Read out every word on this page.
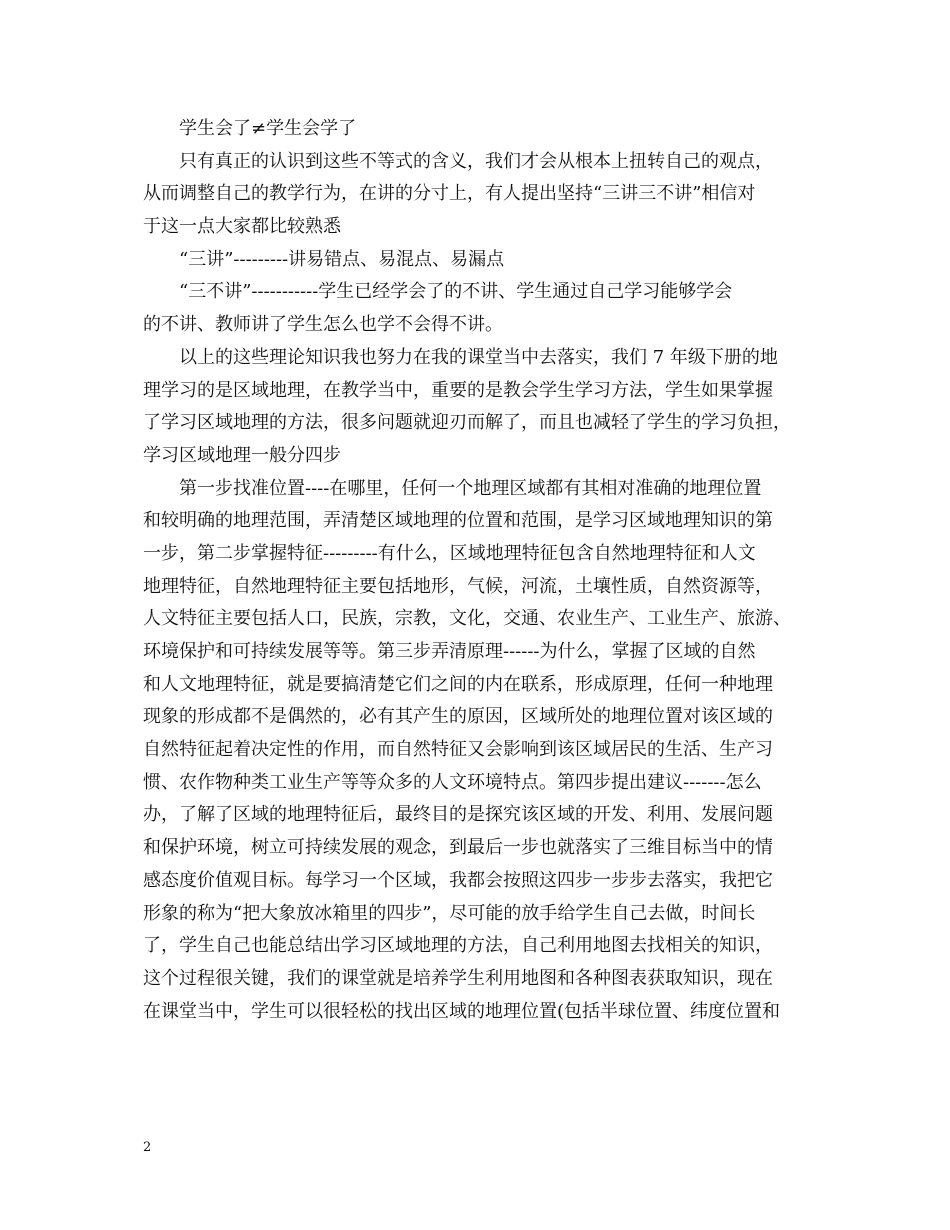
学生会了≠学生会学了
只有真正的认识到这些不等式的含义，我们才会从根本上扭转自己的观点，
从而调整自己的教学行为，在讲的分寸上，有人提出坚持“三讲三不讲”相信对
于这一点大家都比较熟悉
“三讲”---------讲易错点、易混点、易漏点
“三不讲”-----------学生已经学会了的不讲、学生通过自己学习能够学会
的不讲、教师讲了学生怎么也学不会得不讲。
以上的这些理论知识我也努力在我的课堂当中去落实，我们 7 年级下册的地
理学习的是区域地理，在教学当中，重要的是教会学生学习方法，学生如果掌握
了学习区域地理的方法，很多问题就迎刃而解了，而且也减轻了学生的学习负担，
学习区域地理一般分四步
第一步找准位置----在哪里，任何一个地理区域都有其相对准确的地理位置
和较明确的地理范围，弄清楚区域地理的位置和范围，是学习区域地理知识的第
一步，第二步掌握特征---------有什么，区域地理特征包含自然地理特征和人文
地理特征，自然地理特征主要包括地形，气候，河流，土壤性质，自然资源等，
人文特征主要包括人口，民族，宗教，文化，交通、农业生产、工业生产、旅游、
环境保护和可持续发展等等。第三步弄清原理------为什么，掌握了区域的自然
和人文地理特征，就是要搞清楚它们之间的内在联系，形成原理，任何一种地理
现象的形成都不是偶然的，必有其产生的原因，区域所处的地理位置对该区域的
自然特征起着决定性的作用，而自然特征又会影响到该区域居民的生活、生产习
惯、农作物种类工业生产等等众多的人文环境特点。第四步提出建议-------怎么
办，了解了区域的地理特征后，最终目的是探究该区域的开发、利用、发展问题
和保护环境，树立可持续发展的观念，到最后一步也就落实了三维目标当中的情
感态度价值观目标。每学习一个区域，我都会按照这四步一步步去落实，我把它
形象的称为“把大象放冰箱里的四步”，尽可能的放手给学生自己去做，时间长
了，学生自己也能总结出学习区域地理的方法，自己利用地图去找相关的知识，
这个过程很关键，我们的课堂就是培养学生利用地图和各种图表获取知识，现在
在课堂当中，学生可以很轻松的找出区域的地理位置(包括半球位置、纬度位置和
2
